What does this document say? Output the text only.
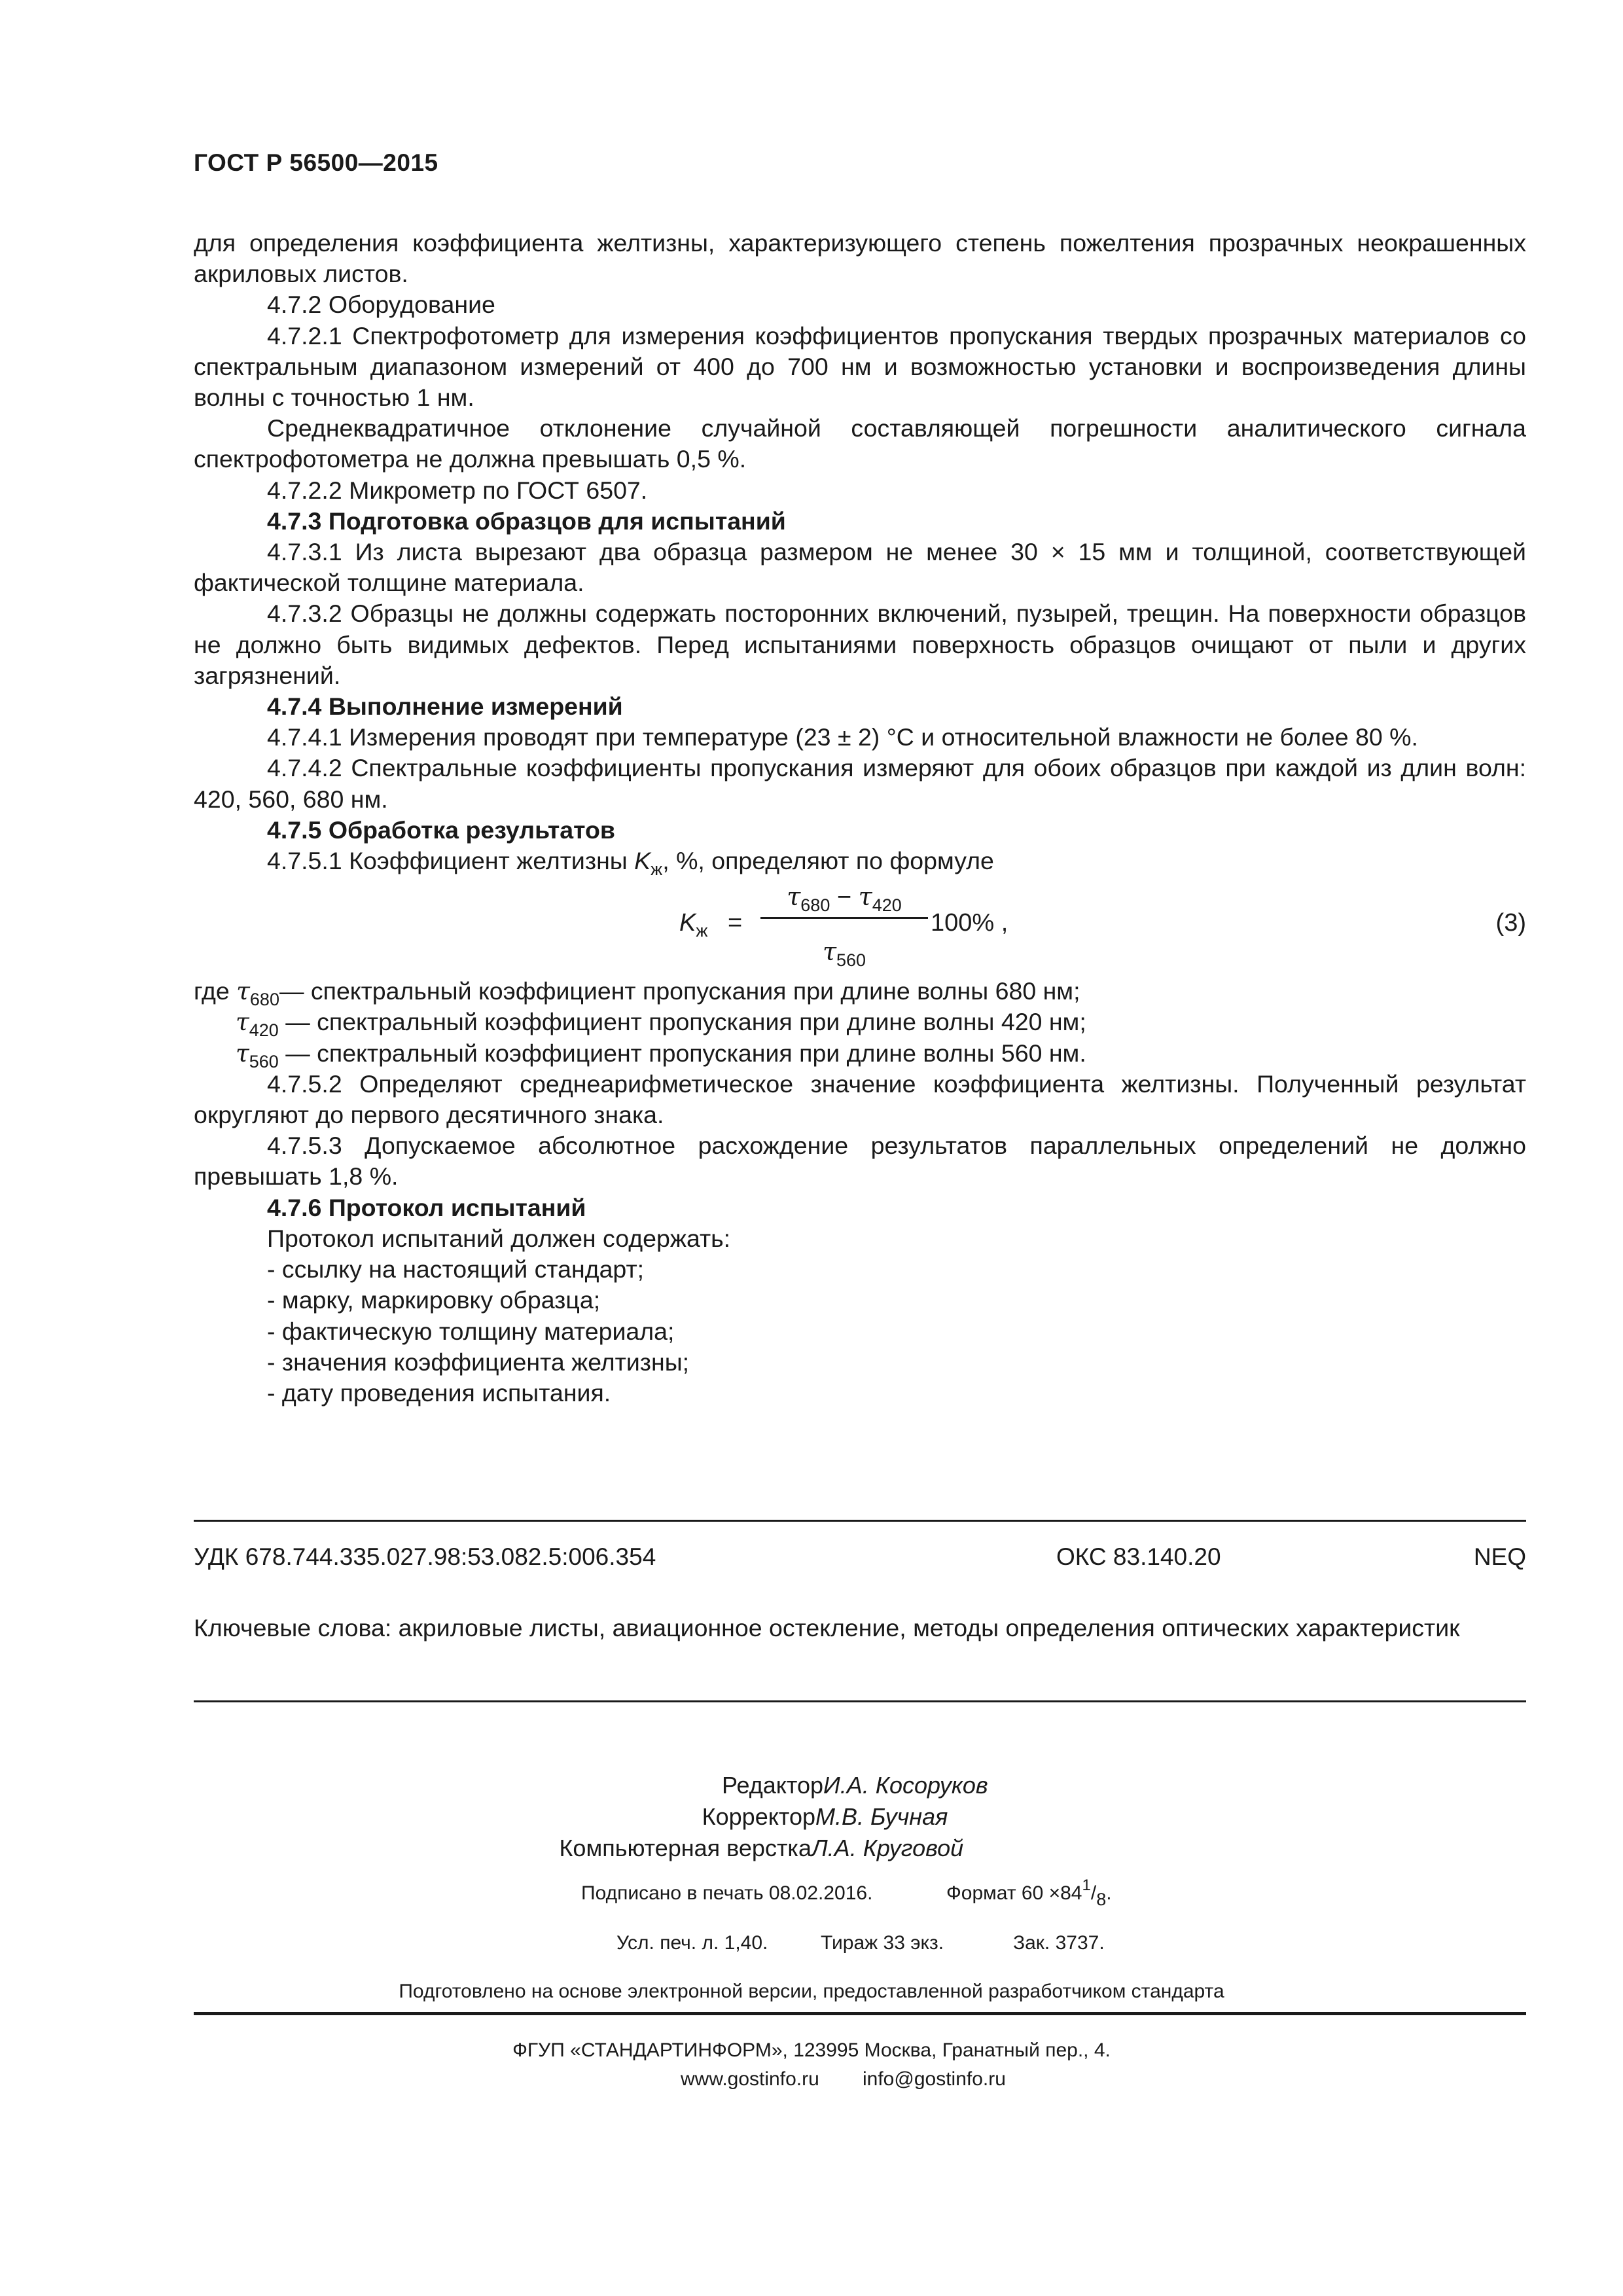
ГОСТ Р 56500—2015

для определения коэффициента желтизны, характеризующего степень пожелтения прозрачных неокрашенных акриловых листов.

4.7.2 Оборудование

4.7.2.1 Спектрофотометр для измерения коэффициентов пропускания твердых прозрачных материалов со спектральным диапазоном измерений от 400 до 700 нм и возможностью установки и воспроизведения длины волны с точностью 1 нм.

Среднеквадратичное отклонение случайной составляющей погрешности аналитического сигнала спектрофотометра не должна превышать 0,5 %.

4.7.2.2 Микрометр по ГОСТ 6507.

4.7.3 Подготовка образцов для испытаний

4.7.3.1 Из листа вырезают два образца размером не менее 30 × 15 мм и толщиной, соответствующей фактической толщине материала.

4.7.3.2 Образцы не должны содержать посторонних включений, пузырей, трещин. На поверхности образцов не должно быть видимых дефектов. Перед испытаниями поверхность образцов очищают от пыли и других загрязнений.

4.7.4 Выполнение измерений

4.7.4.1 Измерения проводят при температуре (23 ± 2) °С и относительной влажности не более 80 %.

4.7.4.2 Спектральные коэффициенты пропускания измеряют для обоих образцов при каждой из длин волн: 420, 560, 680 нм.

4.7.5 Обработка результатов

4.7.5.1 Коэффициент желтизны $K_ж$, %, определяют по формуле

$K_ж$ =
$\tau_{680} - \tau_{420}$
$\tau_{560}$
100% ,	(3)

где $\tau_{680}—$ спектральный коэффициент пропускания при длине волны 680 нм;

$\tau_{420}$ — спектральный коэффициент пропускания при длине волны 420 нм;

$\tau_{560}$ — спектральный коэффициент пропускания при длине волны 560 нм.

4.7.5.2 Определяют среднеарифметическое значение коэффициента желтизны. Полученный результат округляют до первого десятичного знака.

4.7.5.3 Допускаемое абсолютное расхождение результатов параллельных определений не должно превышать 1,8 %.

4.7.6 Протокол испытаний

Протокол испытаний должен содержать:

- ссылку на настоящий стандарт;

- марку, маркировку образца;

- фактическую толщину материала;

- значения коэффициента желтизны;

- дату проведения испытания.

УДК 678.744.335.027.98:53.082.5:006.354	ОКС 83.140.20	NEQ
Ключевые слова: акриловые листы, авиационное остекление, методы определения оптических характеристик
РедакторИ.А. Косоруков
КорректорМ.В. Бучная
Компьютерная версткаЛ.А. Круговой
Подписано в печать 08.02.2016.	Формат $60 \times 84^1/_8$.
Усл. печ. л. 1,40.	Тираж 33 экз.	Зак. 3737.
Подготовлено на основе электронной версии, предоставленной разработчиком стандарта
ФГУП «СТАНДАРТИНФОРМ», 123995 Москва, Гранатный пер., 4.
www.gostinfo.ru info@gostinfo.ru
